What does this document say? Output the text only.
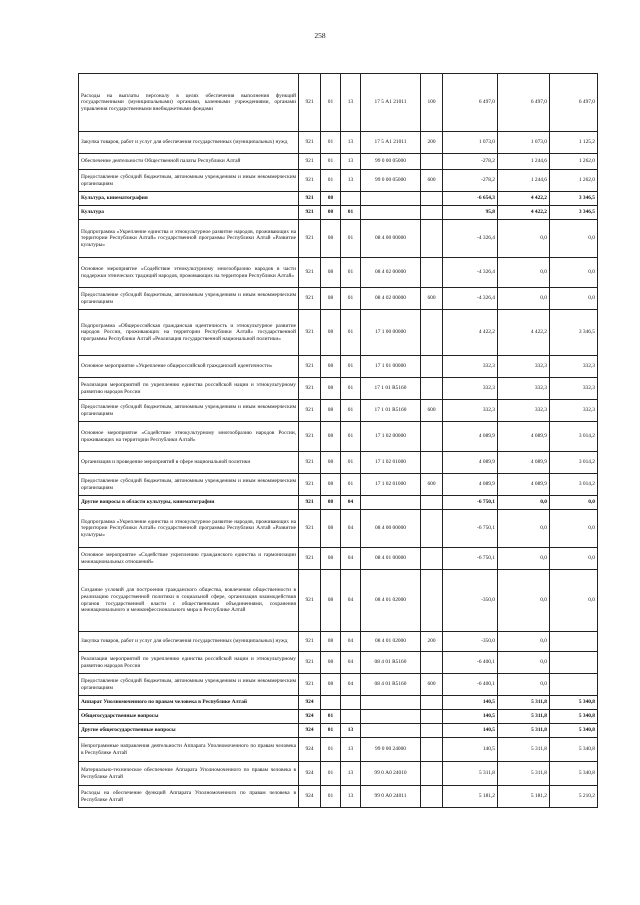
258
Расходы на выплаты персоналу в целях обеспечения выполнения функций государственными (муниципальными) органами, казенными учреждениями, органами управления государственными внебюджетными фондами	921	01	13	17 5 А1 21011	100	6 497,0	6 497,0	6 497,0

Закупка товаров, работ и услуг для обеспечения государственных (муниципальных) нужд	921	01	13	17 5 А1 21011	200	1 073,0	1 073,0	1 125,2

Обеспечение деятельности Общественной палаты Республики Алтай	921	01	13	99 0 00 05000		-278,2	1 244,6	1 262,0

Предоставление субсидий бюджетным, автономным учреждениям и иным некоммерческим организациям	921	01	13	99 0 00 05000	600	-278,2	1 244,6	1 262,0

Культура, кинематография	921	08				-6 654,3	4 422,2	3 346,5

Культура	921	08	01			95,8	4 422,2	3 346,5

Подпрограмма «Укрепление единства и этнокультурное развитие народов, проживающих на территории Республики Алтай» государственной программы Республики Алтай «Развитие культуры»	921	08	01	08 4 00 00000		-4 326,4	0,0	0,0

Основное мероприятие «Содействие этнокультурному многообразию народов в части поддержки этнических традиций народов, проживающих на территории Республики Алтай»	921	08	01	08 4 02 00000		-4 326,4	0,0	0,0

Предоставление субсидий бюджетным, автономным учреждениям и иным некоммерческим организациям	921	08	01	08 4 02 00000	600	-4 326,4	0,0	0,0

Подпрограмма «Общероссийская гражданская идентичность и этнокультурное развитие народов России, проживающих на территории Республики Алтай» государственной программы Республики Алтай «Реализация государственной национальной политики»	921	08	01	17 1 00 00000		4 422,2	4 422,2	3 346,5

Основное мероприятие «Укрепление общероссийской гражданской идентичности»	921	08	01	17 1 01 00000		332,3	332,3	332,3

Реализация мероприятий по укреплению единства российской нации и этнокультурному развитию народов России	921	08	01	17 1 01 R5160		332,3	332,3	332,3

Предоставление субсидий бюджетным, автономным учреждениям и иным некоммерческим организациям	921	08	01	17 1 01 R5160	600	332,3	332,3	332,3

Основное мероприятие «Содействие этнокультурному многообразию народов России, проживающих на территории Республики Алтай»	921	08	01	17 1 02 00000		4 089,9	4 089,9	3 014,2

Организация и проведение мероприятий в сфере национальной политики	921	08	01	17 1 02 01000		4 089,9	4 089,9	3 014,2

Предоставление субсидий бюджетным, автономным учреждениям и иным некоммерческим организациям	921	08	01	17 1 02 01000	600	4 089,9	4 089,9	3 014,2

Другие вопросы в области культуры, кинематографии	921	08	04			-6 750,1	0,0	0,0

Подпрограмма «Укрепление единства и этнокультурное развитие народов, проживающих на территории Республики Алтай» государственной программы Республики Алтай «Развитие культуры»	921	08	04	08 4 00 00000		-6 750,1	0,0	0,0

Основное мероприятие «Содействие укреплению гражданского единства и гармонизации межнациональных отношений»	921	08	04	08 4 01 00000		-6 750,1	0,0	0,0

Создание условий для построения гражданского общества, вовлечения общественности в реализацию государственной политики в социальной сфере, организация взаимодействия органов государственной власти с общественными объединениями, сохранения межнационального и межконфессионального мира в Республике Алтай	921	08	04	08 4 01 02000		-350,0	0,0	0,0

Закупка товаров, работ и услуг для обеспечения государственных (муниципальных) нужд	921	08	04	08 4 01 02000	200	-350,0	0,0	

Реализация мероприятий по укреплению единства российской нации и этнокультурному развитию народов России	921	08	04	08 4 01 R5160		-6 400,1	0,0	

Предоставление субсидий бюджетным, автономным учреждениям и иным некоммерческим организациям	921	08	04	08 4 01 R5160	600	-6 400,1	0,0	

Аппарат Уполномоченного по правам человека в Республике Алтай	924					140,5	5 311,8	5 340,8

Общегосударственные вопросы	924	01				140,5	5 311,8	5 340,8

Другие общегосударственные вопросы	924	01	13			140,5	5 311,8	5 340,8

Непрограммные направления деятельности Аппарата Уполномоченного по правам человека в Республике Алтай	924	01	13	99 0 00 24000		140,5	5 311,8	5 340,8

Материально-техническое обеспечение Аппарата Уполномоченного по правам человека в Республике Алтай	924	01	13	99 0 А0 24010		5 311,8	5 311,8	5 340,8

Расходы на обеспечение функций Аппарата Уполномоченного по правам человека в Республике Алтай	924	01	13	99 0 А0 24011		5 181,2	5 181,2	5 210,2
